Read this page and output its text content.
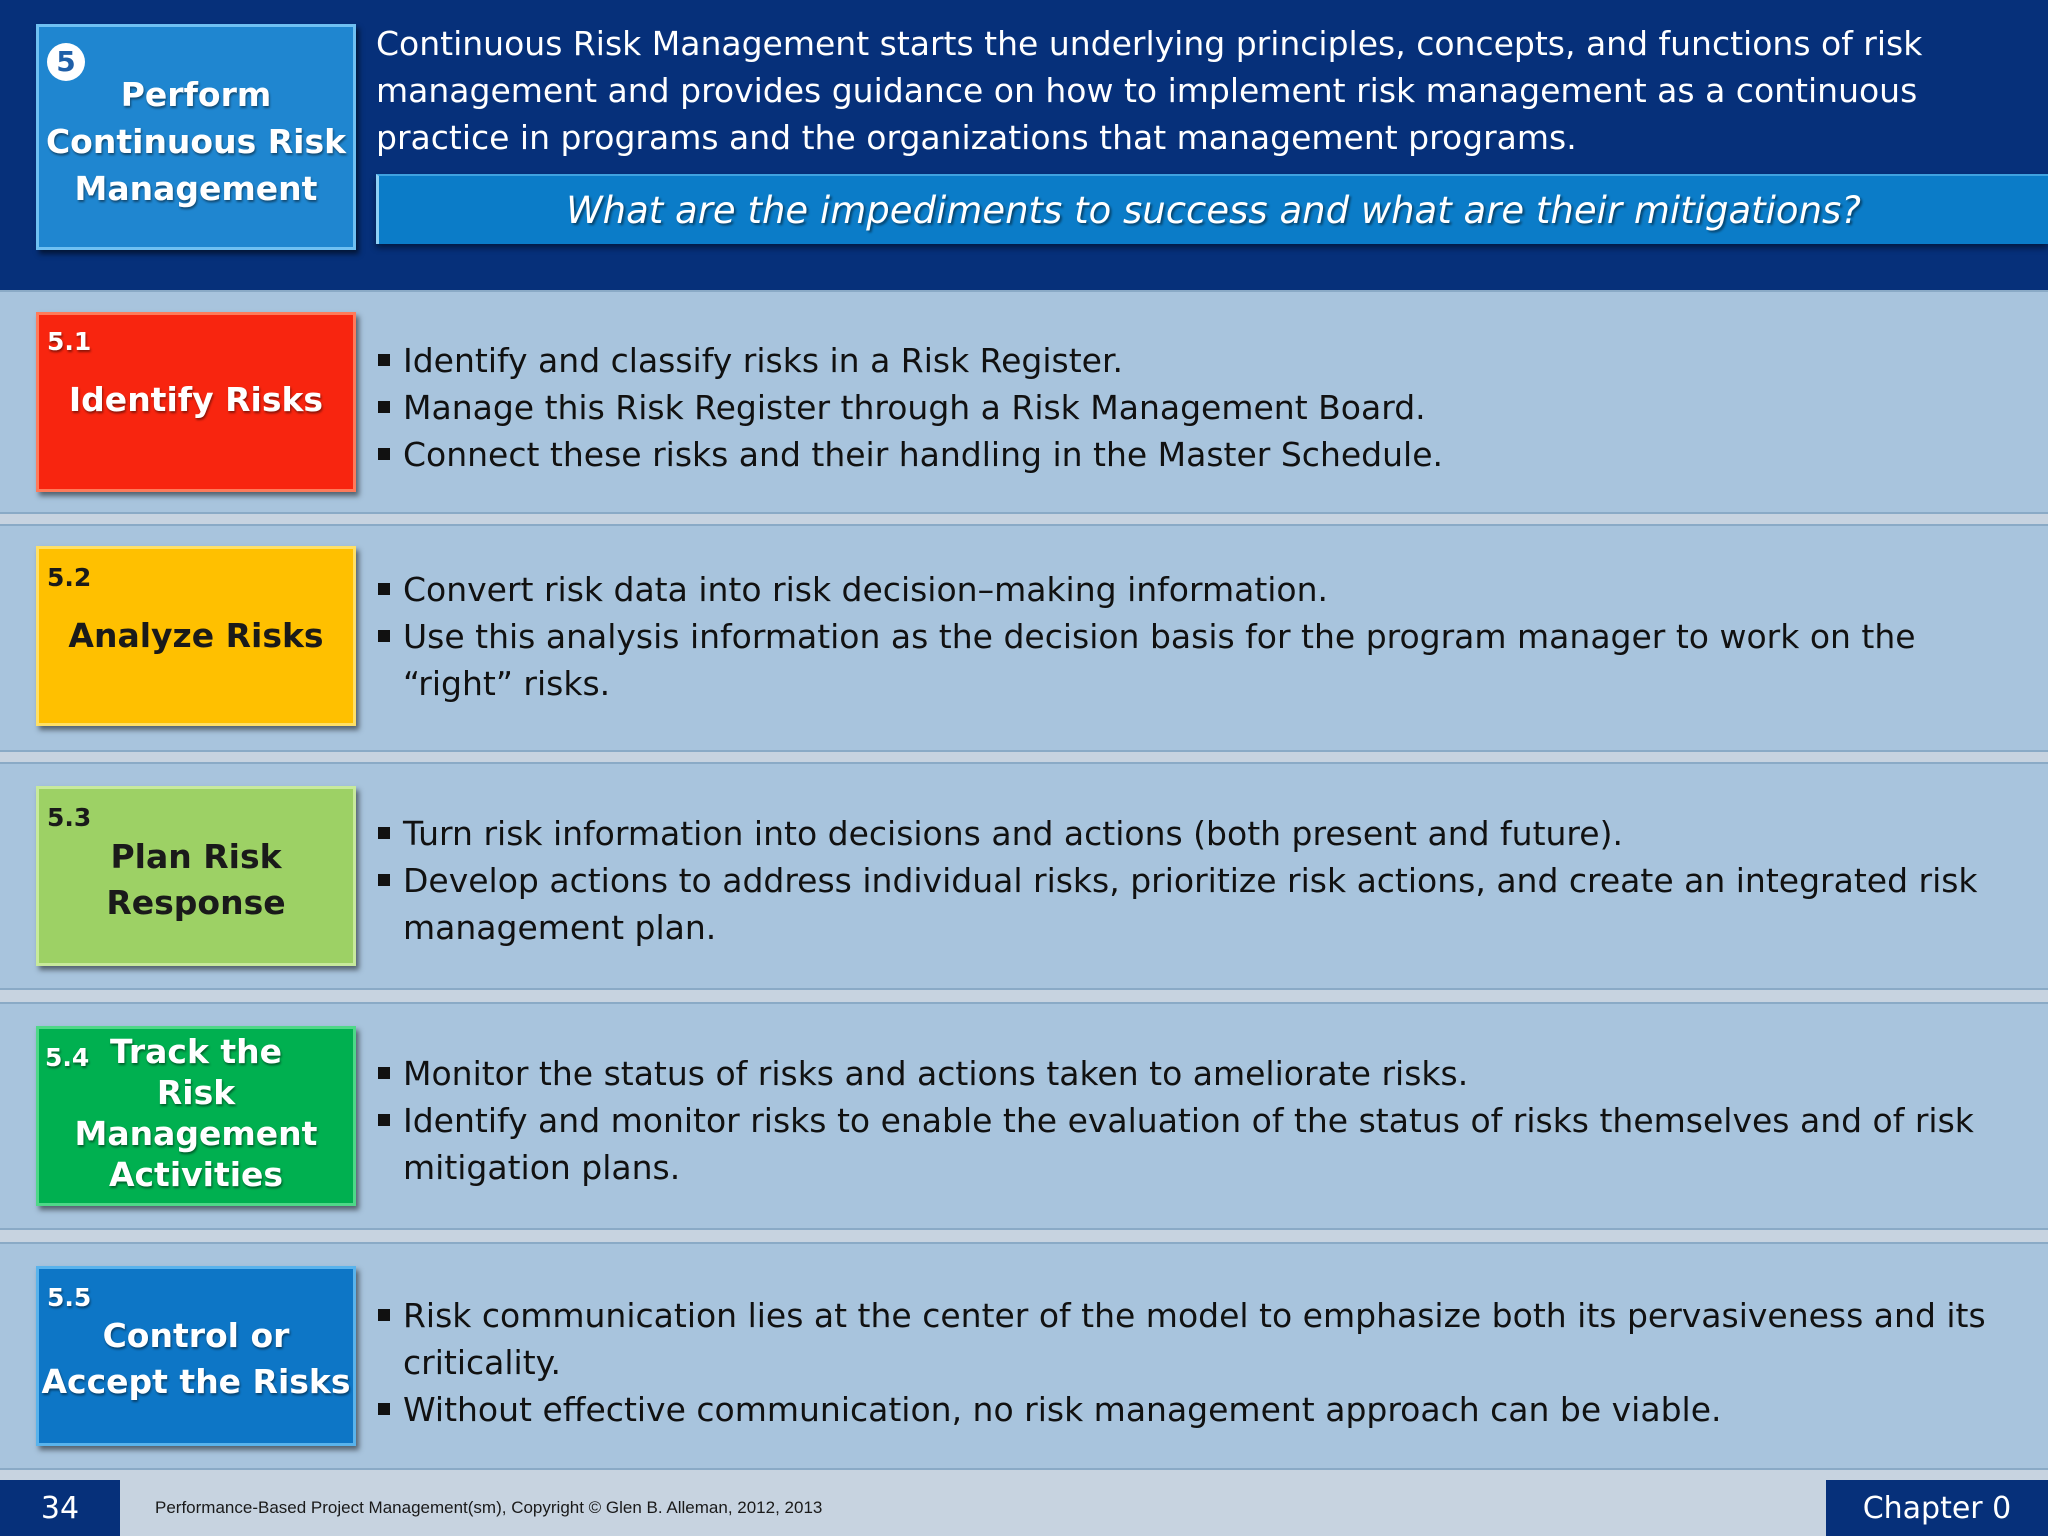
5
Perform
Continuous Risk
Management
Continuous Risk Management starts the underlying principles, concepts, and functions of risk management and provides guidance on how to implement risk management as a continuous practice in programs and the organizations that management programs.
What are the impediments to success and what are their mitigations?
5.1
Identify Risks
Identify and classify risks in a Risk Register.
Manage this Risk Register through a Risk Management Board.
Connect these risks and their handling in the Master Schedule.
5.2
Analyze Risks
Convert risk data into risk decision–making information.
Use this analysis information as the decision basis for the program manager to work on the “right” risks.
5.3
Plan Risk
Response
Turn risk information into decisions and actions (both present and future).
Develop actions to address individual risks, prioritize risk actions, and create an integrated risk management plan.
5.4 Track the
Risk
Management
Activities
Monitor the status of risks and actions taken to ameliorate risks.
Identify and monitor risks to enable the evaluation of the status of risks themselves and of risk mitigation plans.
5.5
Control or
Accept the Risks
Risk communication lies at the center of the model to emphasize both its pervasiveness and its criticality.
Without effective communication, no risk management approach can be viable.
34	Performance-Based Project Management(sm), Copyright © Glen B. Alleman, 2012, 2013	Chapter 0
